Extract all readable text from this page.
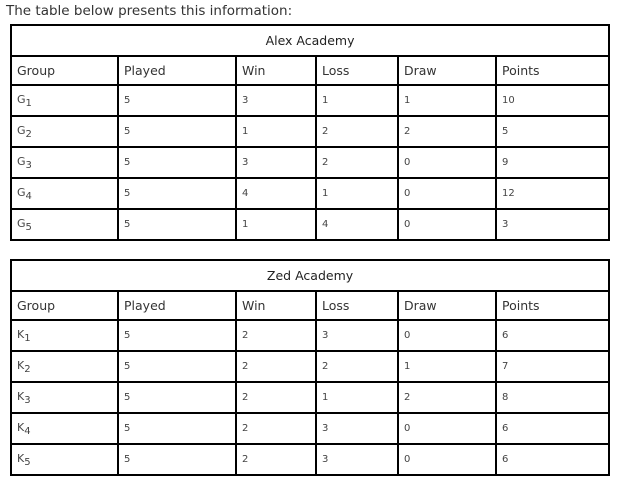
The table below presents this information:
Alex Academy					
Group	Played	Win	Loss	Draw	Points
$G_1$	5	3	1	1	10
$G_2$	5	1	2	2	5
$G_3$	5	3	2	0	9
$G_4$	5	4	1	0	12
$G_5$	5	1	4	0	3
Zed Academy					
Group	Played	Win	Loss	Draw	Points
$K_1$	5	2	3	0	6
$K_2$	5	2	2	1	7
$K_3$	5	2	1	2	8
$K_4$	5	2	3	0	6
$K_5$	5	2	3	0	6
